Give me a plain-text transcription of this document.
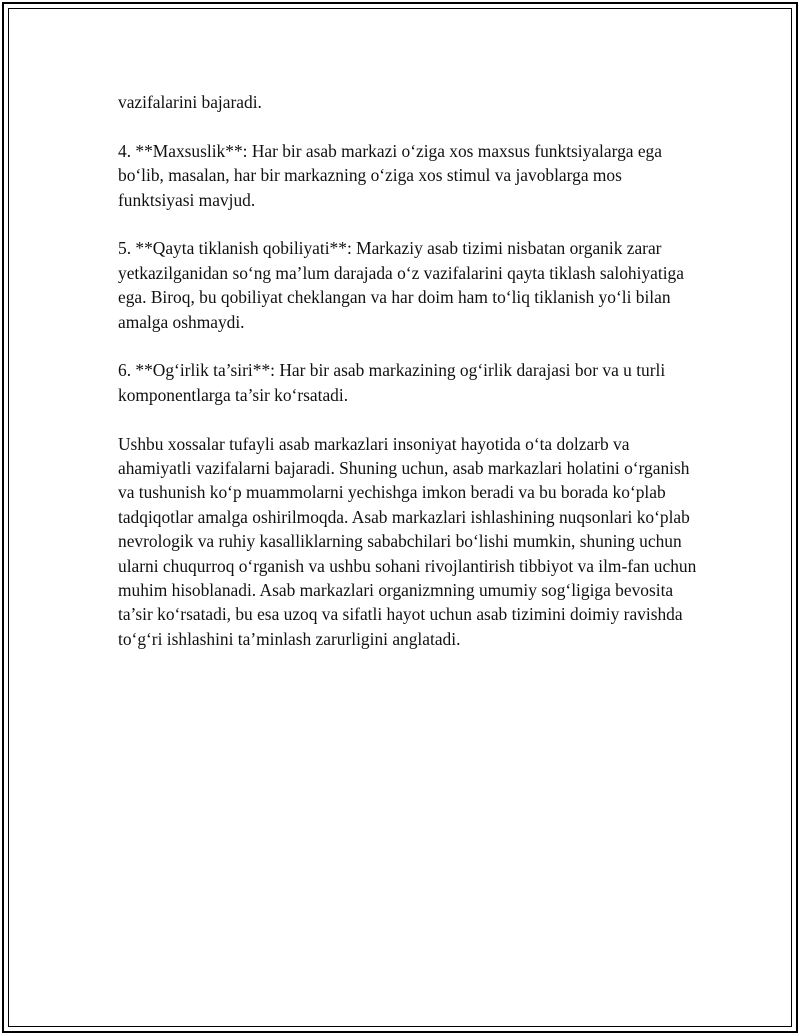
vazifalarini bajaradi.

4. **Maxsuslik**: Har bir asab markazi o‘ziga xos maxsus funktsiyalarga ega bo‘lib, masalan, har bir markazning o‘ziga xos stimul va javoblarga mos funktsiyasi mavjud.

5. **Qayta tiklanish qobiliyati**: Markaziy asab tizimi nisbatan organik zarar yetkazilganidan so‘ng ma’lum darajada o‘z vazifalarini qayta tiklash salohiyatiga ega. Biroq, bu qobiliyat cheklangan va har doim ham to‘liq tiklanish yo‘li bilan amalga oshmaydi.

6. **Og‘irlik ta’siri**: Har bir asab markazining og‘irlik darajasi bor va u turli komponentlarga ta’sir ko‘rsatadi.

Ushbu xossalar tufayli asab markazlari insoniyat hayotida o‘ta dolzarb va ahamiyatli vazifalarni bajaradi. Shuning uchun, asab markazlari holatini o‘rganish va tushunish ko‘p muammolarni yechishga imkon beradi va bu borada ko‘plab tadqiqotlar amalga oshirilmoqda. Asab markazlari ishlashining nuqsonlari ko‘plab nevrologik va ruhiy kasalliklarning sababchilari bo‘lishi mumkin, shuning uchun ularni chuqurroq o‘rganish va ushbu sohani rivojlantirish tibbiyot va ilm-fan uchun muhim hisoblanadi. Asab markazlari organizmning umumiy sog‘ligiga bevosita ta’sir ko‘rsatadi, bu esa uzoq va sifatli hayot uchun asab tizimini doimiy ravishda to‘g‘ri ishlashini ta’minlash zarurligini anglatadi.
